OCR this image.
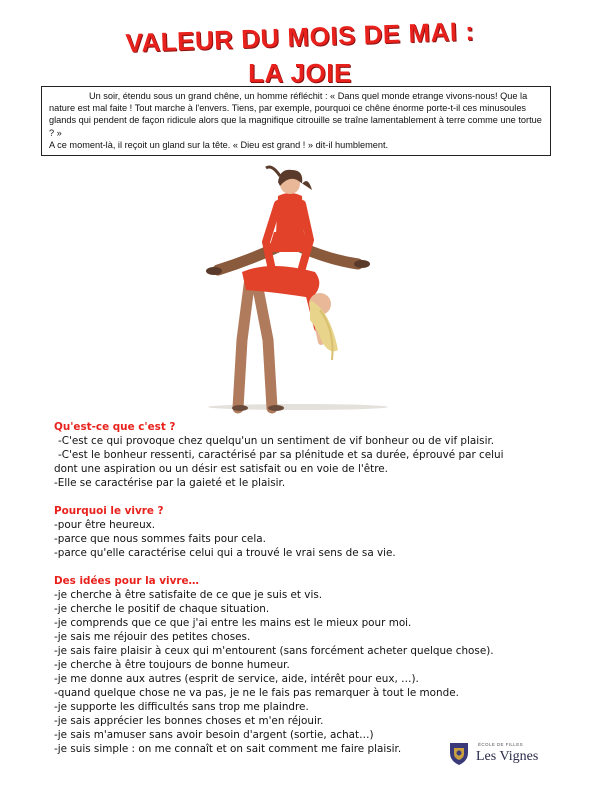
VALEUR DU MOIS DE MAI :
LA JOIE

Un soir, étendu sous un grand chêne, un homme réfléchit : « Dans quel monde etrange vivons-nous! Que la nature est mal faite ! Tout marche à l'envers. Tiens, par exemple, pourquoi ce chêne énorme porte-t-il ces minusoules glands qui pendent de façon ridicule alors que la magnifique citrouille se traîne lamentablement à terre comme une tortue ? »

A ce moment-là, il reçoit un gland sur la tête. « Dieu est grand ! » dit-il humblement.

Qu'est-ce que c'est ?
-C'est ce qui provoque chez quelqu'un un sentiment de vif bonheur ou de vif plaisir.
-C'est le bonheur ressenti, caractérisé par sa plénitude et sa durée, éprouvé par celui
dont une aspiration ou un désir est satisfait ou en voie de l'être.
-Elle se caractérise par la gaieté et le plaisir.
Pourquoi le vivre ?
-pour être heureux.
-parce que nous sommes faits pour cela.
-parce qu'elle caractérise celui qui a trouvé le vrai sens de sa vie.
Des idées pour la vivre…
-je cherche à être satisfaite de ce que je suis et vis.
-je cherche le positif de chaque situation.
-je comprends que ce que j'ai entre les mains est le mieux pour moi.
-je sais me réjouir des petites choses.
-je sais faire plaisir à ceux qui m'entourent (sans forcément acheter quelque chose).
-je cherche à être toujours de bonne humeur.
-je me donne aux autres (esprit de service, aide, intérêt pour eux, …).
-quand quelque chose ne va pas, je ne le fais pas remarquer à tout le monde.
-je supporte les difficultés sans trop me plaindre.
-je sais apprécier les bonnes choses et m'en réjouir.
-je sais m'amuser sans avoir besoin d'argent (sortie, achat…)
-je suis simple : on me connaît et on sait comment me faire plaisir.	ÉCOLE DE FILLES
Les Vignes
